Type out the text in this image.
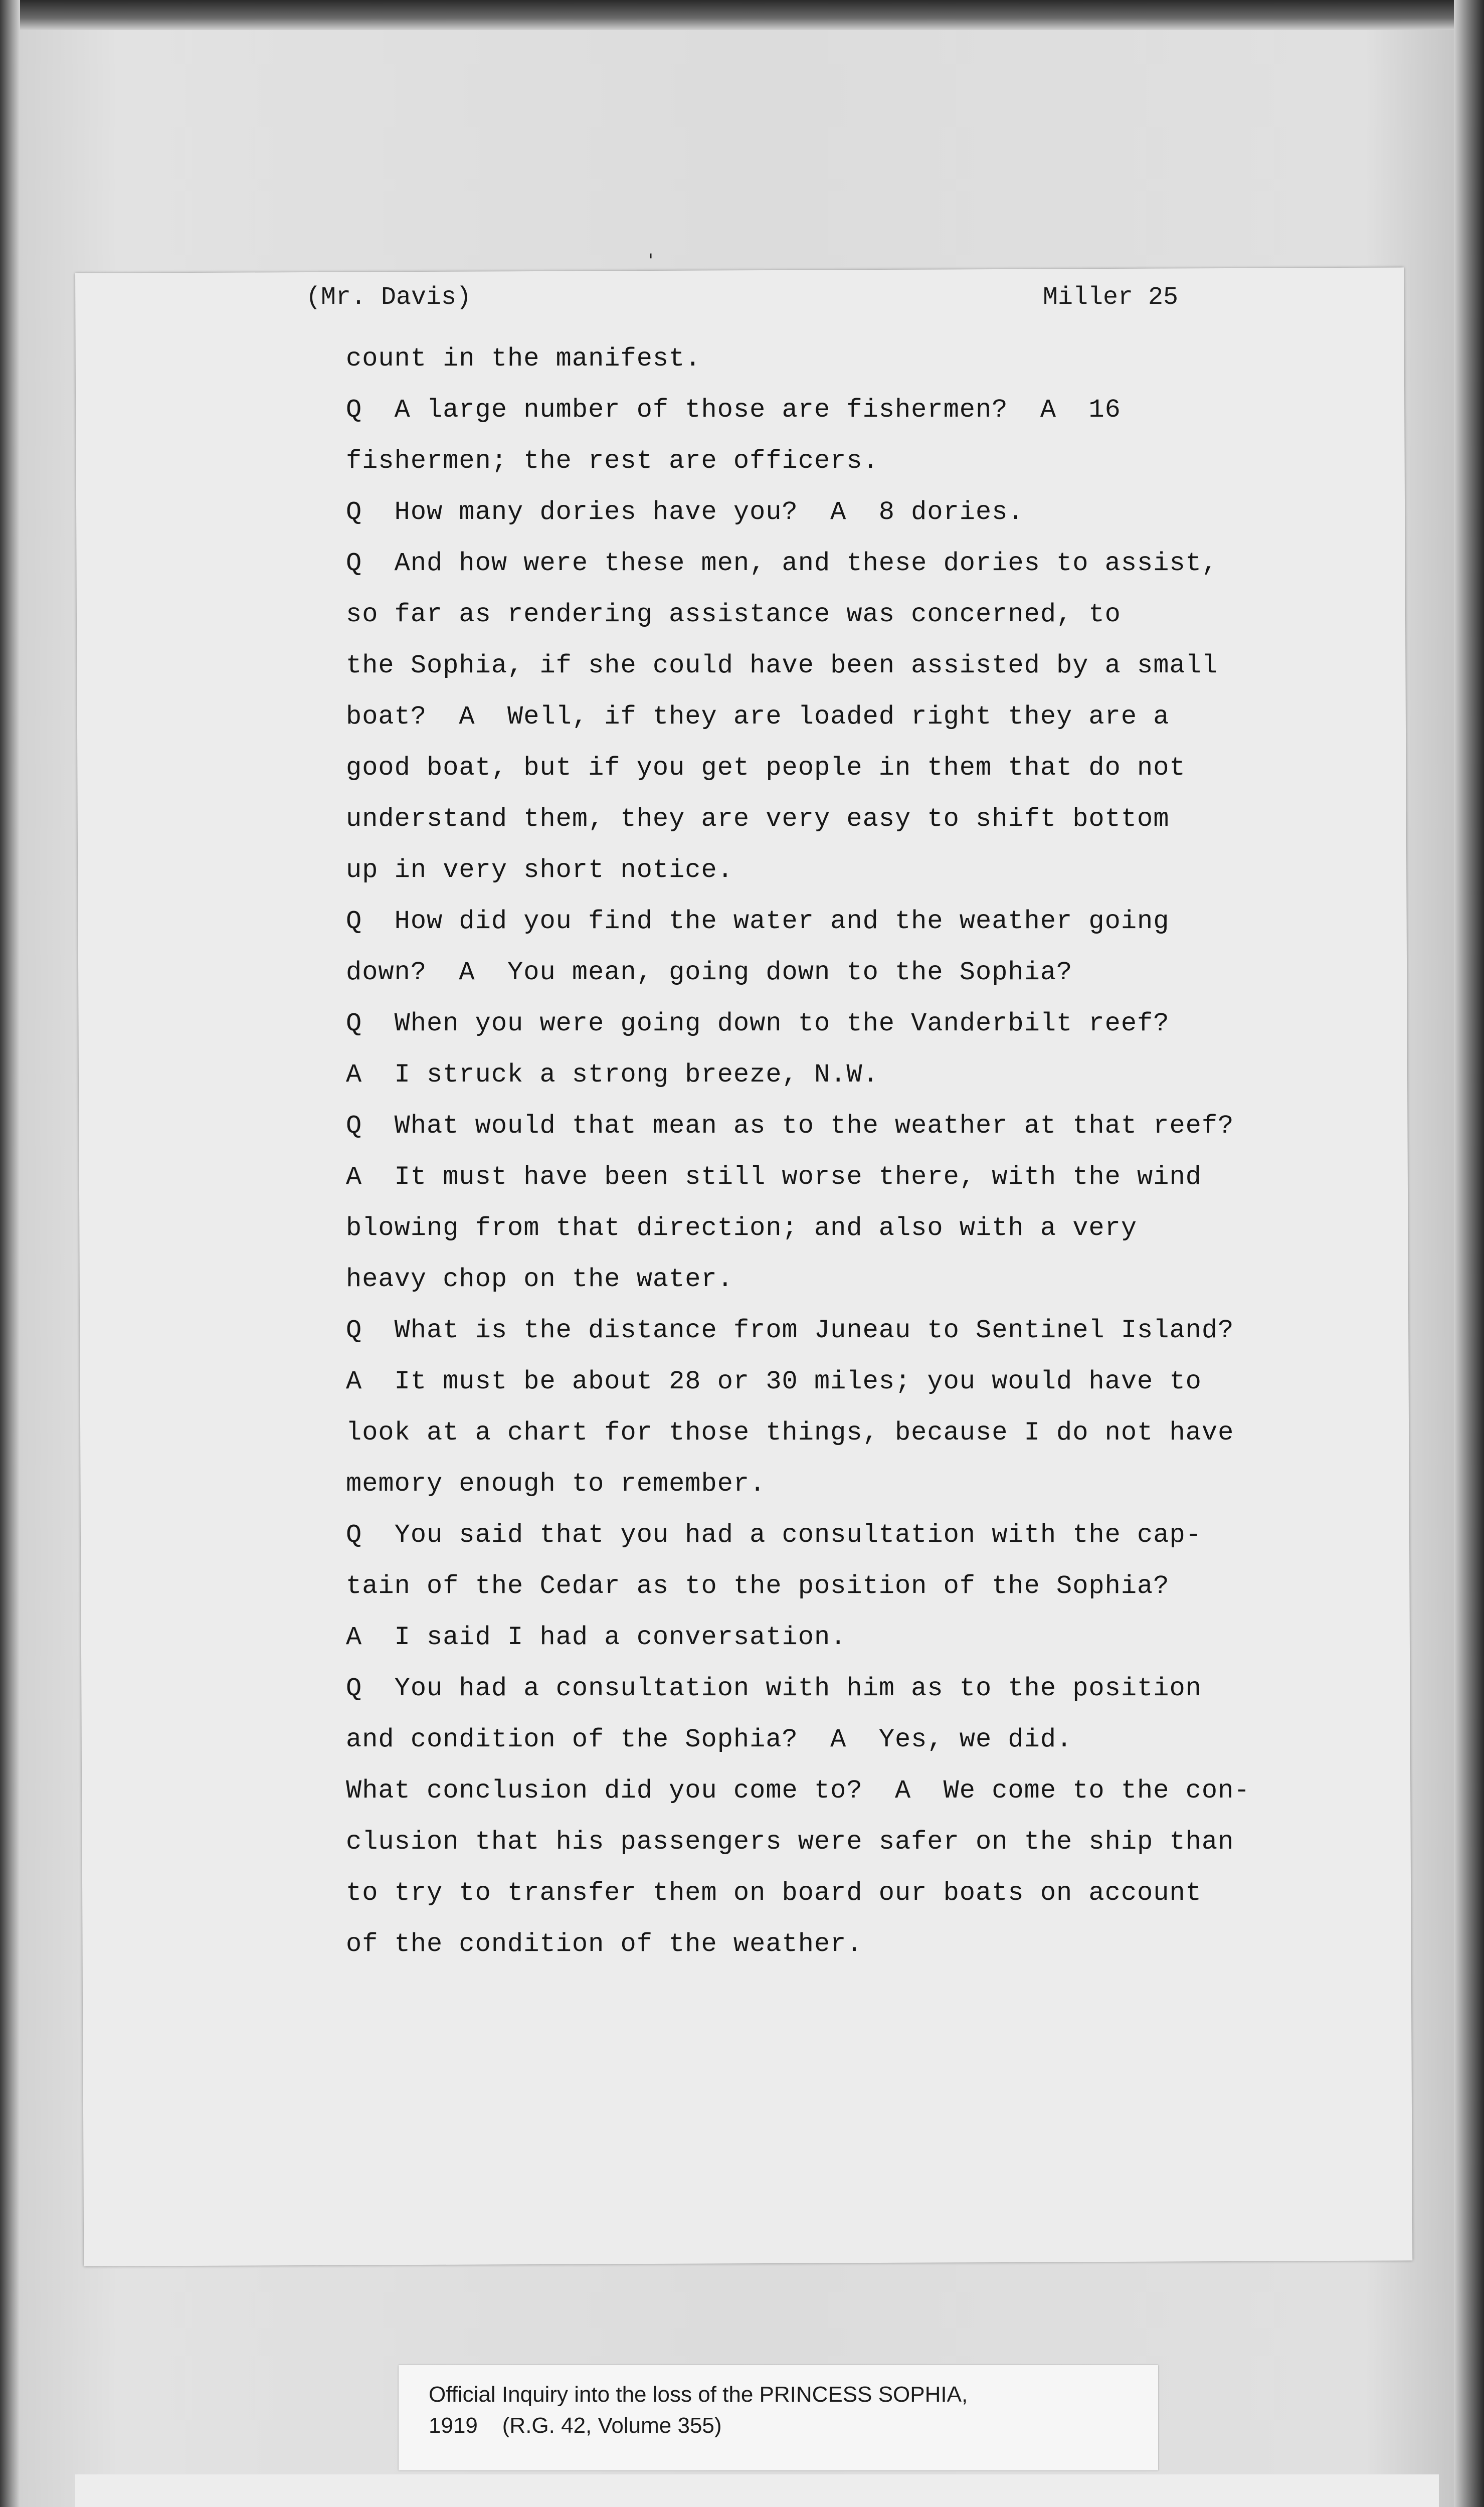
ˈ
(Mr. Davis)	Miller 25
count in the manifest.
Q  A large number of those are fishermen?  A  16
fishermen; the rest are officers.
Q  How many dories have you?  A  8 dories.
Q  And how were these men, and these dories to assist,
so far as rendering assistance was concerned, to
the Sophia, if she could have been assisted by a small
boat?  A  Well, if they are loaded right they are a
good boat, but if you get people in them that do not
understand them, they are very easy to shift bottom
up in very short notice.
Q  How did you find the water and the weather going
down?  A  You mean, going down to the Sophia?
Q  When you were going down to the Vanderbilt reef?
A  I struck a strong breeze, N.W.
Q  What would that mean as to the weather at that reef?
A  It must have been still worse there, with the wind
blowing from that direction; and also with a very
heavy chop on the water.
Q  What is the distance from Juneau to Sentinel Island?
A  It must be about 28 or 30 miles; you would have to
look at a chart for those things, because I do not have
memory enough to remember.
Q  You said that you had a consultation with the cap-
tain of the Cedar as to the position of the Sophia?
A  I said I had a conversation.
Q  You had a consultation with him as to the position
and condition of the Sophia?  A  Yes, we did.
What conclusion did you come to?  A  We come to the con-
clusion that his passengers were safer on the ship than
to try to transfer them on board our boats on account
of the condition of the weather.
Official Inquiry into the loss of the PRINCESS SOPHIA,
1919    (R.G. 42, Volume 355)
